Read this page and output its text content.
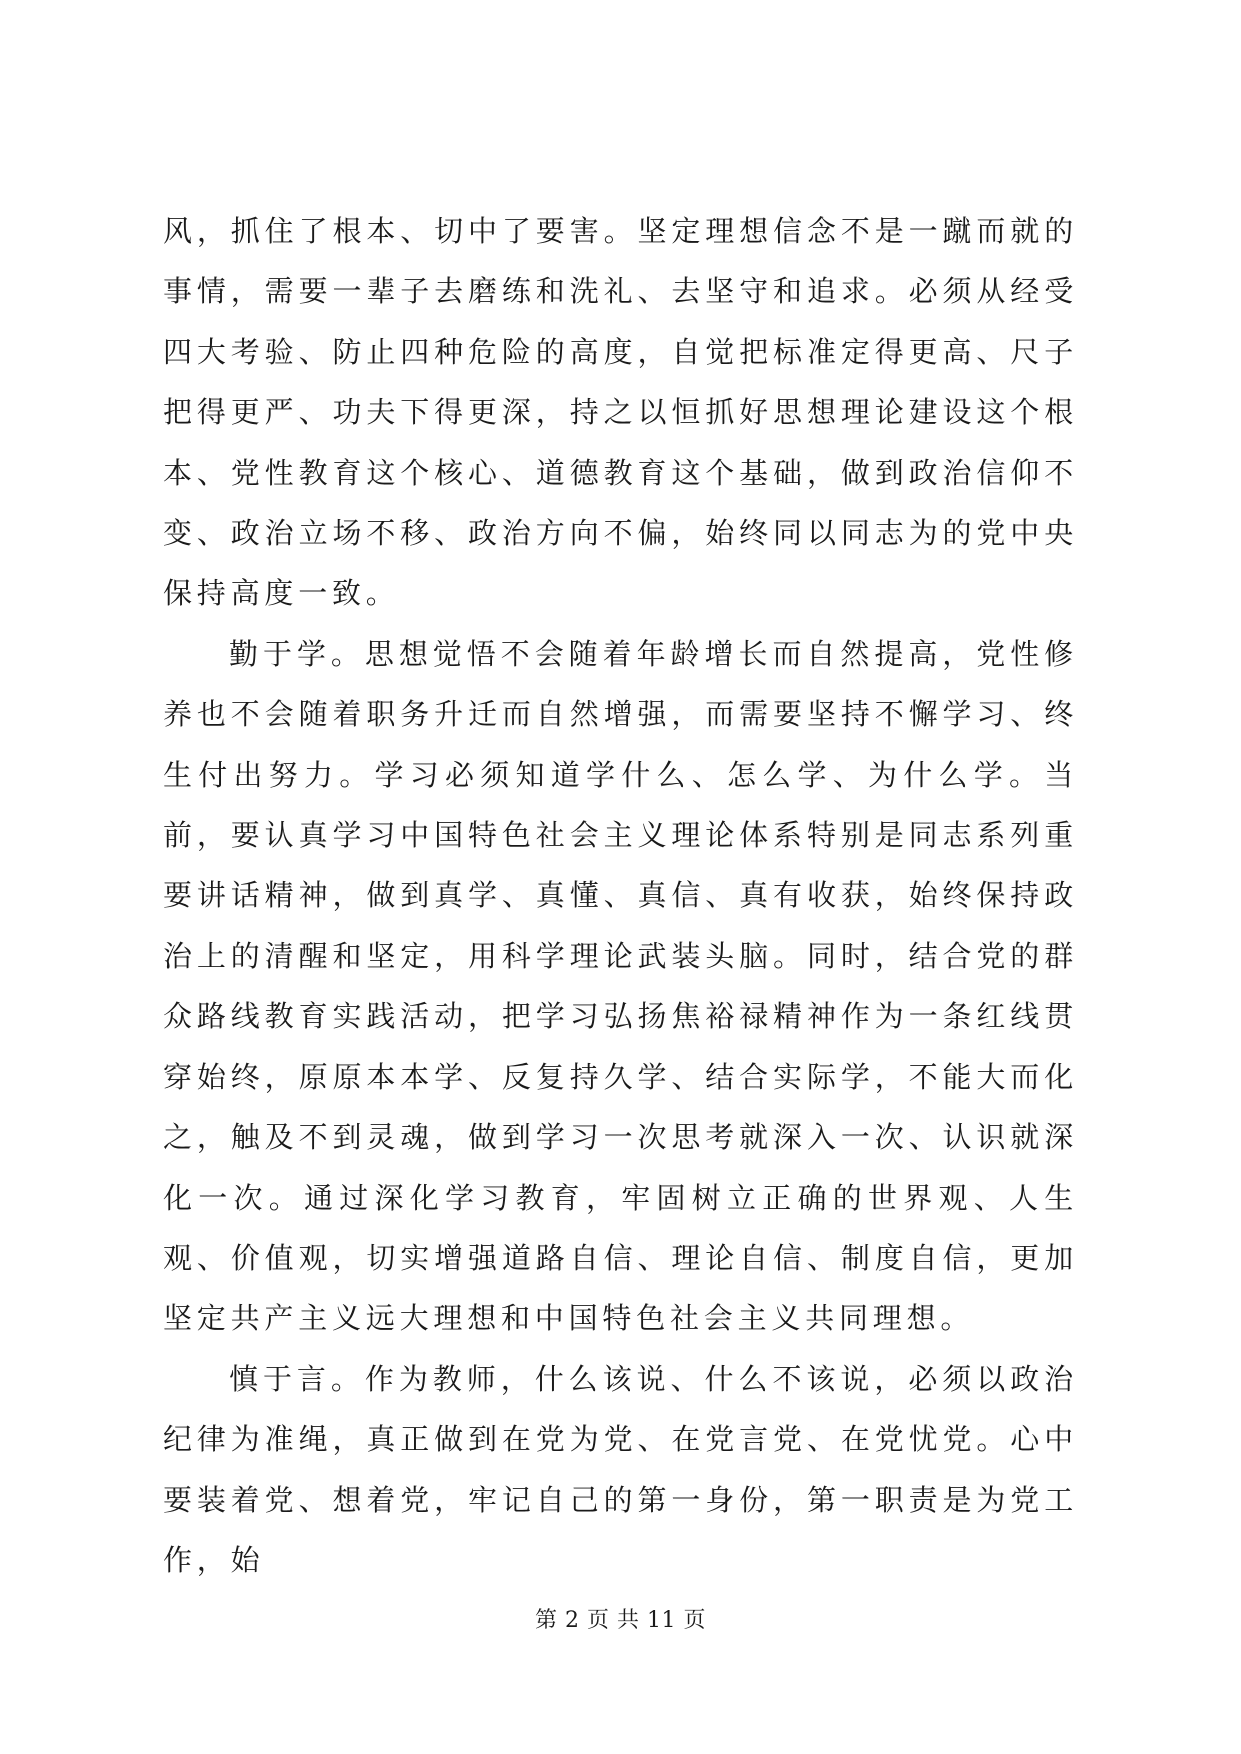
风，抓住了根本、切中了要害。坚定理想信念不是一蹴而就的事情，需要一辈子去磨练和洗礼、去坚守和追求。必须从经受四大考验、防止四种危险的高度，自觉把标准定得更高、尺子把得更严、功夫下得更深，持之以恒抓好思想理论建设这个根本、党性教育这个核心、道德教育这个基础，做到政治信仰不变、政治立场不移、政治方向不偏，始终同以同志为的党中央保持高度一致。

勤于学。思想觉悟不会随着年龄增长而自然提高，党性修养也不会随着职务升迁而自然增强，而需要坚持不懈学习、终生付出努力。学习必须知道学什么、怎么学、为什么学。当前，要认真学习中国特色社会主义理论体系特别是同志系列重要讲话精神，做到真学、真懂、真信、真有收获，始终保持政治上的清醒和坚定，用科学理论武装头脑。同时，结合党的群众路线教育实践活动，把学习弘扬焦裕禄精神作为一条红线贯穿始终，原原本本学、反复持久学、结合实际学，不能大而化之，触及不到灵魂，做到学习一次思考就深入一次、认识就深化一次。通过深化学习教育，牢固树立正确的世界观、人生观、价值观，切实增强道路自信、理论自信、制度自信，更加坚定共产主义远大理想和中国特色社会主义共同理想。

慎于言。作为教师，什么该说、什么不该说，必须以政治纪律为准绳，真正做到在党为党、在党言党、在党忧党。心中要装着党、想着党，牢记自己的第一身份，第一职责是为党工作，始

第 2 页 共 11 页
